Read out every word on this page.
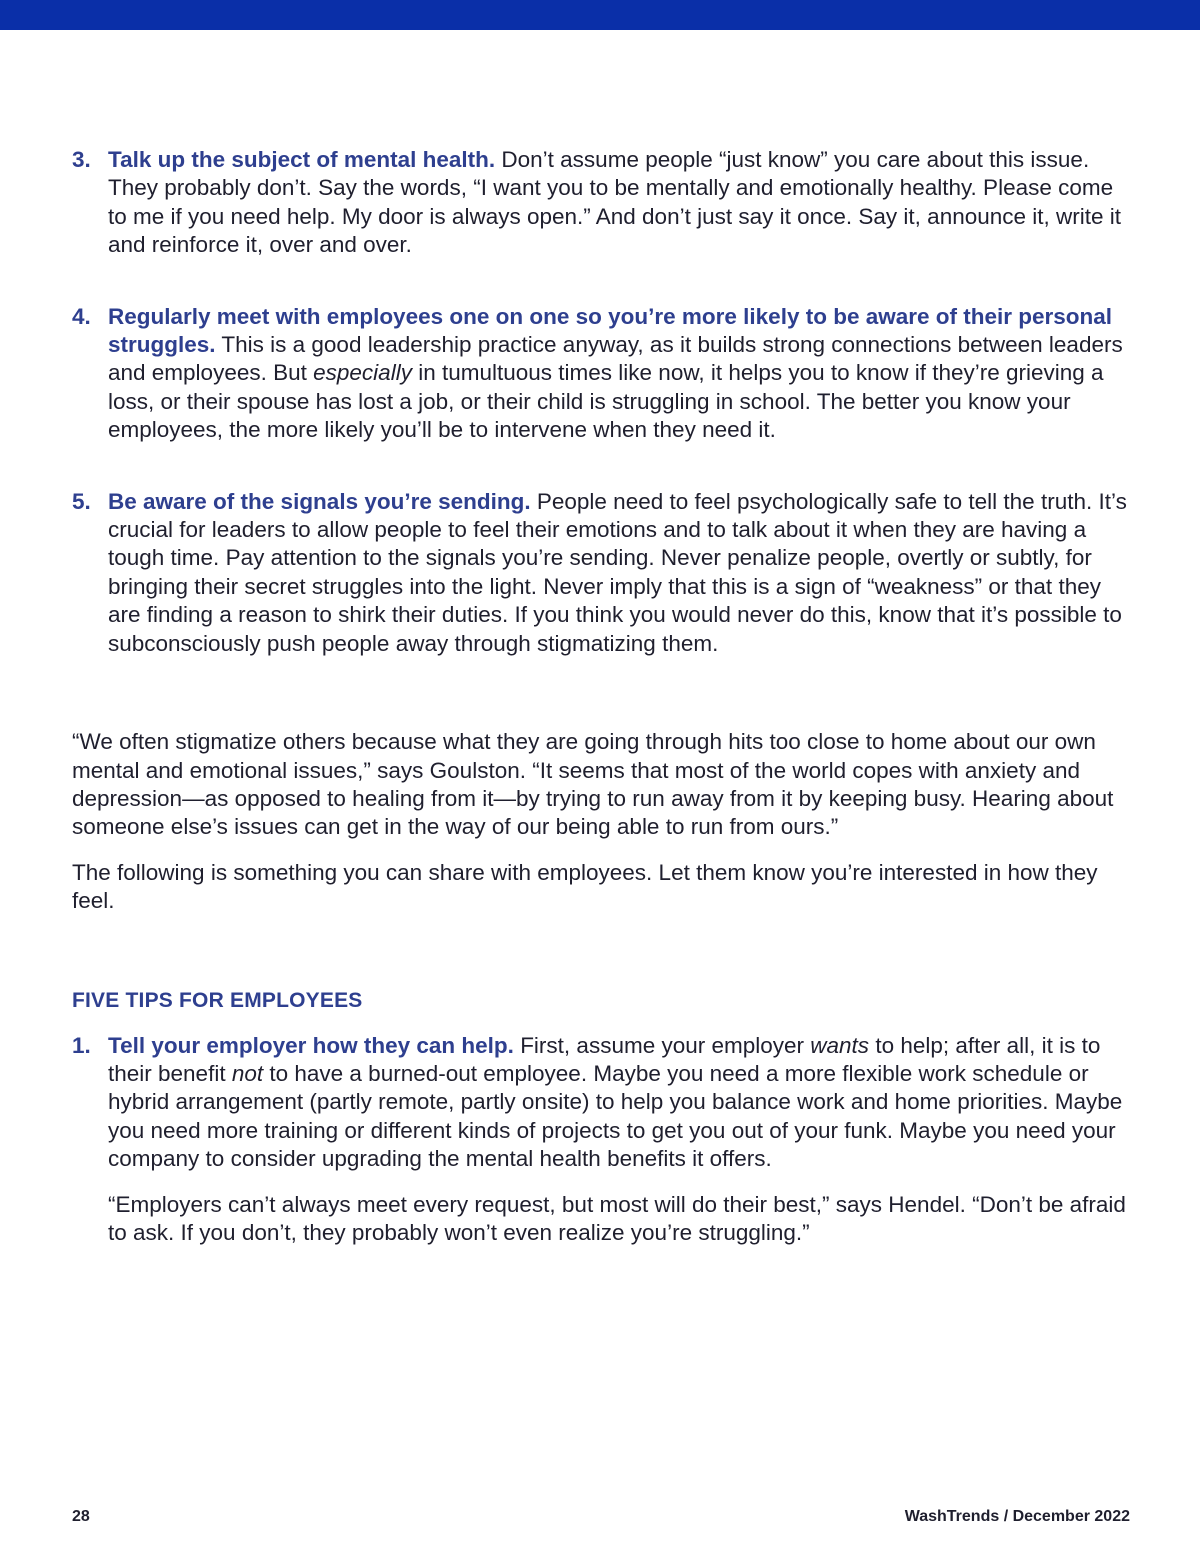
3. Talk up the subject of mental health. Don’t assume people “just know” you care about this issue. They probably don’t. Say the words, “I want you to be mentally and emotionally healthy. Please come to me if you need help. My door is always open.” And don’t just say it once. Say it, announce it, write it and reinforce it, over and over.
4. Regularly meet with employees one on one so you’re more likely to be aware of their personal struggles. This is a good leadership practice anyway, as it builds strong connections between leaders and employees. But especially in tumultuous times like now, it helps you to know if they’re grieving a loss, or their spouse has lost a job, or their child is struggling in school. The better you know your employees, the more likely you’ll be to intervene when they need it.
5. Be aware of the signals you’re sending. People need to feel psychologically safe to tell the truth. It’s crucial for leaders to allow people to feel their emotions and to talk about it when they are having a tough time. Pay attention to the signals you’re sending. Never penalize people, overtly or subtly, for bringing their secret struggles into the light. Never imply that this is a sign of “weakness” or that they are finding a reason to shirk their duties. If you think you would never do this, know that it’s possible to subconsciously push people away through stigmatizing them.

“We often stigmatize others because what they are going through hits too close to home about our own mental and emotional issues,” says Goulston. “It seems that most of the world copes with anxiety and depression—as opposed to healing from it—by trying to run away from it by keeping busy. Hearing about someone else’s issues can get in the way of our being able to run from ours.”

The following is something you can share with employees. Let them know you’re interested in how they feel.

FIVE TIPS FOR EMPLOYEES
1. Tell your employer how they can help. First, assume your employer wants to help; after all, it is to their benefit not to have a burned-out employee. Maybe you need a more flexible work schedule or hybrid arrangement (partly remote, partly onsite) to help you balance work and home priorities. Maybe you need more training or different kinds of projects to get you out of your funk. Maybe you need your company to consider upgrading the mental health benefits it offers.
“Employers can’t always meet every request, but most will do their best,” says Hendel. “Don’t be afraid to ask. If you don’t, they probably won’t even realize you’re struggling.”
28	WashTrends / December 2022
